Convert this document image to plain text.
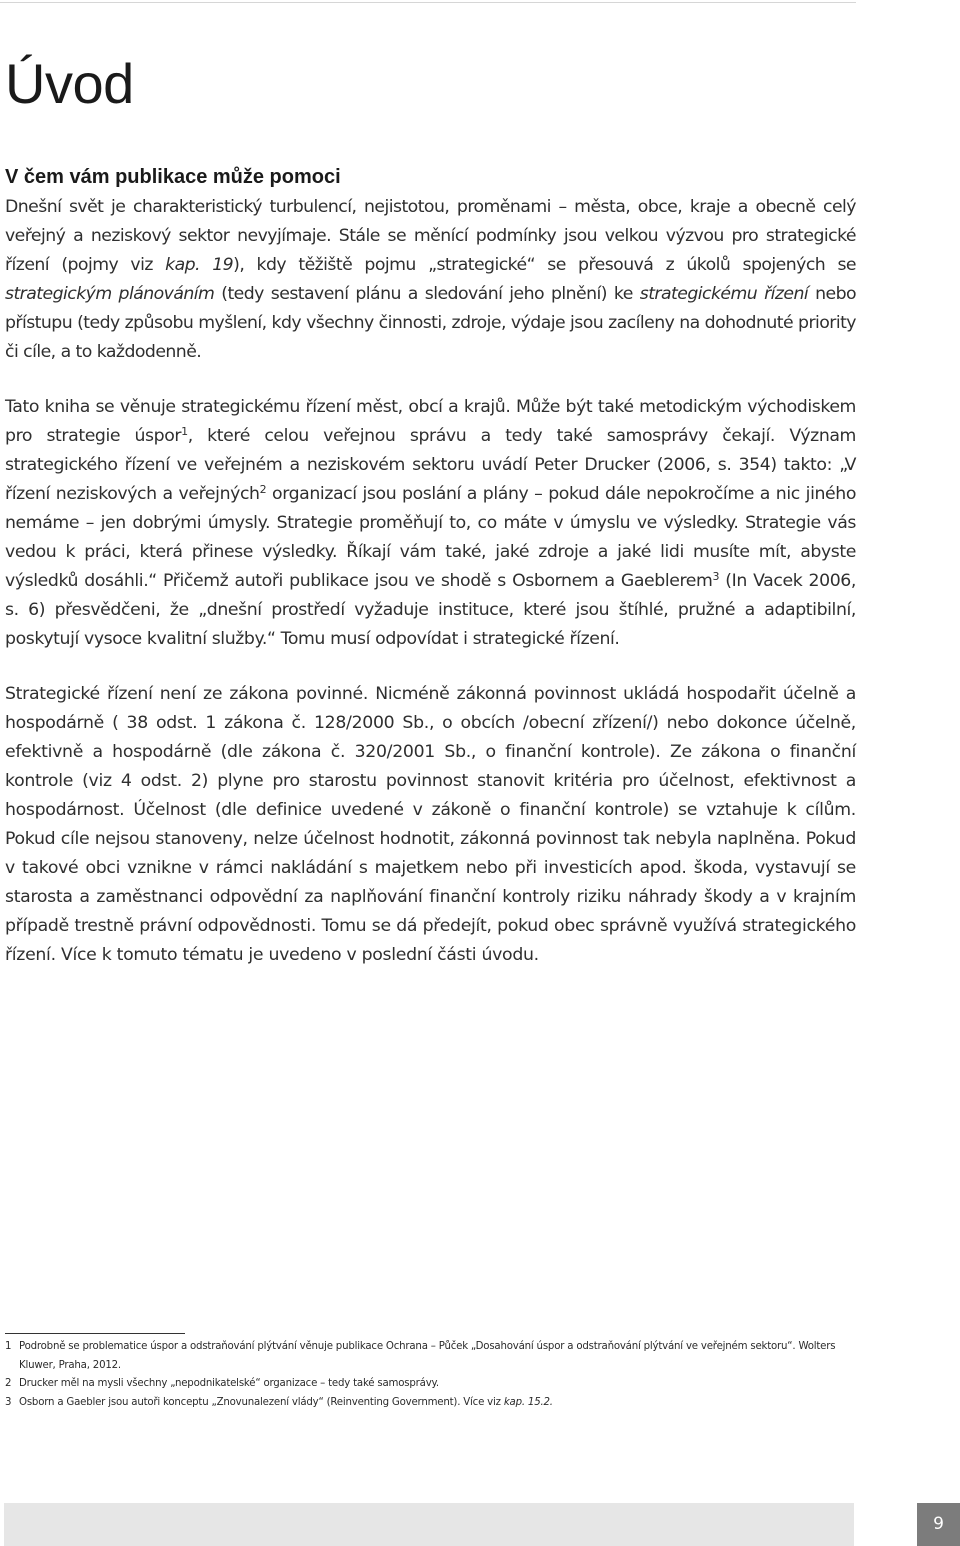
Úvod
V čem vám publikace může pomoci

Dnešní svět je charakteristický turbulencí, nejistotou, proměnami – města, obce, kraje a obecně celý veřejný a neziskový sektor nevyjímaje. Stále se měnící podmínky jsou velkou výzvou pro strategické řízení (pojmy viz kap. 19), kdy těžiště pojmu „strategické“ se přesouvá z úkolů spojených se strategickým plánováním (tedy sestavení plánu a sledování jeho plnění) ke strategickému řízení nebo přístupu (tedy způsobu myšlení, kdy všechny činnosti, zdroje, výdaje jsou zacíleny na dohodnuté priority či cíle, a to každodenně.

Tato kniha se věnuje strategickému řízení měst, obcí a krajů. Může být také metodickým východiskem pro strategie úspor$^1$, které celou veřejnou správu a tedy také samosprávy čekají. Význam strategického řízení ve veřejném a neziskovém sektoru uvádí Peter Drucker (2006, s. 354) takto: „V řízení neziskových a veřejných$^2$ organizací jsou poslání a plány – pokud dále nepokročíme a nic jiného nemáme – jen dobrými úmysly. Strategie proměňují to, co máte v úmyslu ve výsledky. Strategie vás vedou k práci, která přinese výsledky. Říkají vám také, jaké zdroje a jaké lidi musíte mít, abyste výsledků dosáhli.“ Přičemž autoři publikace jsou ve shodě s Osbornem a Gaeblerem$^3$ (In Vacek 2006, s. 6) přesvědčeni, že „dnešní prostředí vyžaduje instituce, které jsou štíhlé, pružné a adaptibilní, poskytují vysoce kvalitní služby.“ Tomu musí odpovídat i strategické řízení.

Strategické řízení není ze zákona povinné. Nicméně zákonná povinnost ukládá hospodařit účelně a hospodárně ( 38 odst. 1 zákona č. 128/2000 Sb., o obcích /obecní zřízení/) nebo dokonce účelně, efektivně a hospodárně (dle zákona č. 320/2001 Sb., o finanční kontrole). Ze zákona o finanční kontrole (viz 4 odst. 2) plyne pro starostu povinnost stanovit kritéria pro účelnost, efektivnost a hospodárnost. Účelnost (dle definice uvedené v zákoně o finanční kontrole) se vztahuje k cílům. Pokud cíle nejsou stanoveny, nelze účelnost hodnotit, zákonná povinnost tak nebyla naplněna. Pokud v takové obci vznikne v rámci nakládání s majetkem nebo při investicích apod. škoda, vystavují se starosta a zaměstnanci odpovědní za naplňování finanční kontroly riziku náhrady škody a v krajním případě trestně právní odpovědnosti. Tomu se dá předejít, pokud obec správně využívá strategického řízení. Více k tomuto tématu je uvedeno v poslední části úvodu.

1 Podrobně se problematice úspor a odstraňování plýtvání věnuje publikace Ochrana – Půček „Dosahování úspor a odstraňování plýtvání ve veřejném sektoru“. Wolters Kluwer, Praha, 2012.
2 Drucker měl na mysli všechny „nepodnikatelské“ organizace – tedy také samosprávy.
3 Osborn a Gaebler jsou autoři konceptu „Znovunalezení vlády“ (Reinventing Government). Více viz kap. 15.2.
9
